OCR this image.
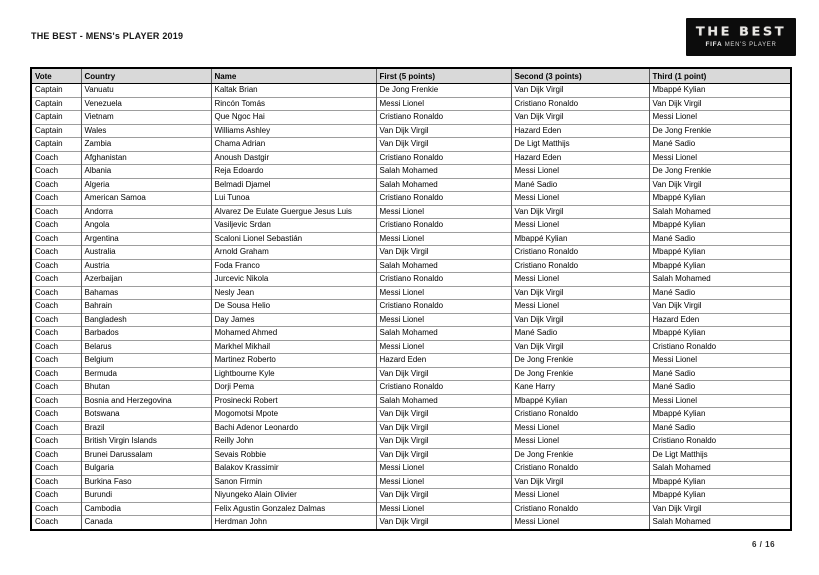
THE BEST - MENS's PLAYER 2019	THE BEST
FIFA MEN'S PLAYER
Vote	Country	Name	First (5 points)	Second (3 points)	Third (1 point)
Captain	Vanuatu	Kaltak Brian	De Jong Frenkie	Van Dijk Virgil	Mbappé Kylian
Captain	Venezuela	Rincón Tomás	Messi Lionel	Cristiano Ronaldo	Van Dijk Virgil
Captain	Vietnam	Que Ngoc Hai	Cristiano Ronaldo	Van Dijk Virgil	Messi Lionel
Captain	Wales	Williams Ashley	Van Dijk Virgil	Hazard Eden	De Jong Frenkie
Captain	Zambia	Chama Adrian	Van Dijk Virgil	De Ligt Matthijs	Mané Sadio
Coach	Afghanistan	Anoush Dastgir	Cristiano Ronaldo	Hazard Eden	Messi Lionel
Coach	Albania	Reja Edoardo	Salah Mohamed	Messi Lionel	De Jong Frenkie
Coach	Algeria	Belmadi Djamel	Salah Mohamed	Mané Sadio	Van Dijk Virgil
Coach	American Samoa	Lui Tunoa	Cristiano Ronaldo	Messi Lionel	Mbappé Kylian
Coach	Andorra	Alvarez De Eulate Guergue Jesus Luis	Messi Lionel	Van Dijk Virgil	Salah Mohamed
Coach	Angola	Vasiljevic Srdan	Cristiano Ronaldo	Messi Lionel	Mbappé Kylian
Coach	Argentina	Scaloni Lionel Sebastián	Messi Lionel	Mbappé Kylian	Mané Sadio
Coach	Australia	Arnold Graham	Van Dijk Virgil	Cristiano Ronaldo	Mbappé Kylian
Coach	Austria	Foda Franco	Salah Mohamed	Cristiano Ronaldo	Mbappé Kylian
Coach	Azerbaijan	Jurcevic Nikola	Cristiano Ronaldo	Messi Lionel	Salah Mohamed
Coach	Bahamas	Nesly Jean	Messi Lionel	Van Dijk Virgil	Mané Sadio
Coach	Bahrain	De Sousa Helio	Cristiano Ronaldo	Messi Lionel	Van Dijk Virgil
Coach	Bangladesh	Day James	Messi Lionel	Van Dijk Virgil	Hazard Eden
Coach	Barbados	Mohamed Ahmed	Salah Mohamed	Mané Sadio	Mbappé Kylian
Coach	Belarus	Markhel Mikhail	Messi Lionel	Van Dijk Virgil	Cristiano Ronaldo
Coach	Belgium	Martinez Roberto	Hazard Eden	De Jong Frenkie	Messi Lionel
Coach	Bermuda	Lightbourne Kyle	Van Dijk Virgil	De Jong Frenkie	Mané Sadio
Coach	Bhutan	Dorji Pema	Cristiano Ronaldo	Kane Harry	Mané Sadio
Coach	Bosnia and Herzegovina	Prosinecki Robert	Salah Mohamed	Mbappé Kylian	Messi Lionel
Coach	Botswana	Mogomotsi Mpote	Van Dijk Virgil	Cristiano Ronaldo	Mbappé Kylian
Coach	Brazil	Bachi Adenor Leonardo	Van Dijk Virgil	Messi Lionel	Mané Sadio
Coach	British Virgin Islands	Reilly John	Van Dijk Virgil	Messi Lionel	Cristiano Ronaldo
Coach	Brunei Darussalam	Sevais Robbie	Van Dijk Virgil	De Jong Frenkie	De Ligt Matthijs
Coach	Bulgaria	Balakov Krassimir	Messi Lionel	Cristiano Ronaldo	Salah Mohamed
Coach	Burkina Faso	Sanon Firmin	Messi Lionel	Van Dijk Virgil	Mbappé Kylian
Coach	Burundi	Niyungeko Alain Olivier	Van Dijk Virgil	Messi Lionel	Mbappé Kylian
Coach	Cambodia	Felix Agustin Gonzalez Dalmas	Messi Lionel	Cristiano Ronaldo	Van Dijk Virgil
Coach	Canada	Herdman John	Van Dijk Virgil	Messi Lionel	Salah Mohamed
6 / 16
